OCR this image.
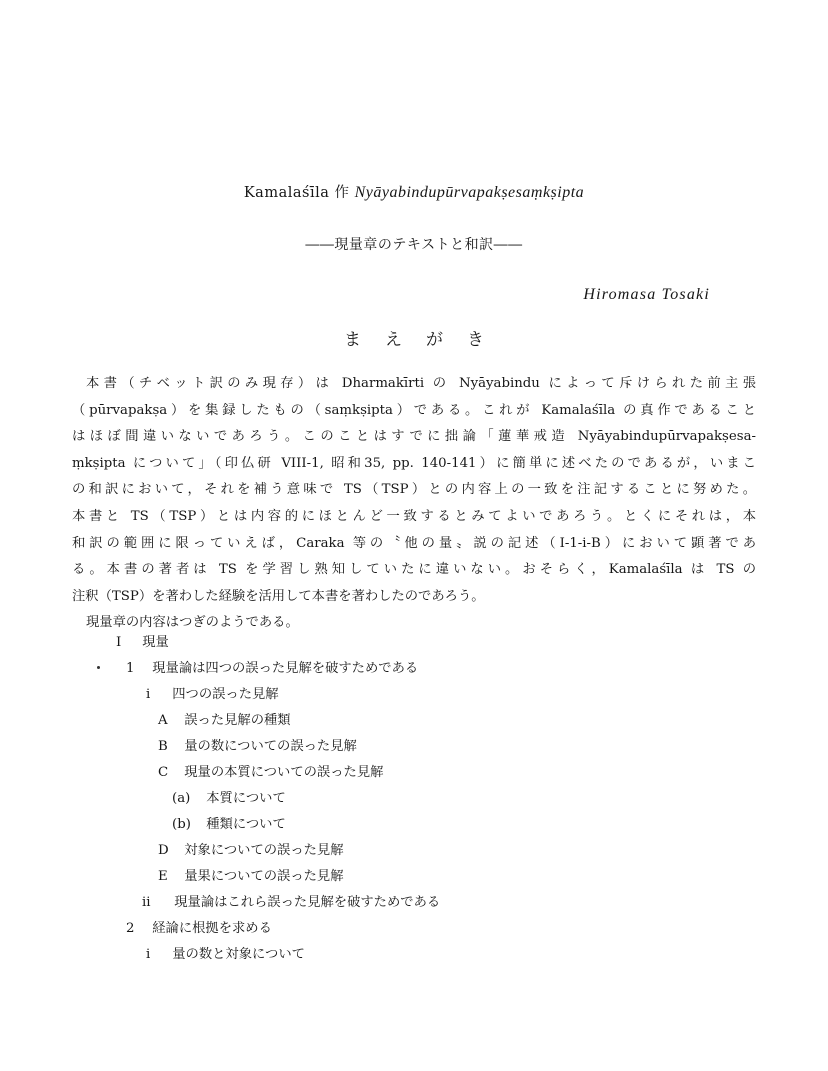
Kamalaśīla 作 Nyāyabindupūrvapakṣesaṃkṣipta
――現量章のテキストと和訳――
Hiromasa Tosaki
まえがき
本書（チベット訳のみ現存）は Dharmakīrti の Nyāyabindu によって斥けられた前主張
（pūrvapakṣa）を集録したもの（saṃkṣipta）である。これが Kamalaśīla の真作であること
はほぼ間違いないであろう。このことはすでに拙論「蓮華戒造 Nyāyabindupūrvapakṣesa-
ṃkṣipta について」（印仏研 VIII-1, 昭和35, pp. 140-141）に簡単に述べたのであるが，いまこ
の和訳において，それを補う意味で TS（TSP）との内容上の一致を注記することに努めた。
本書と TS（TSP）とは内容的にほとんど一致するとみてよいであろう。とくにそれは，本
和訳の範囲に限っていえば，Caraka 等の〝他の量〟説の記述（I-1-i-B）において顕著であ
る。本書の著者は TS を学習し熟知していたに違いない。おそらく，Kamalaśīla は TS の
注釈（TSP）を著わした経験を活用して本書を著わしたのであろう。
現量章の内容はつぎのようである。
I 現量
1 現量論は四つの誤った見解を破すためである
i 四つの誤った見解
A 誤った見解の種類
B 量の数についての誤った見解
C 現量の本質についての誤った見解
(a) 本質について
(b) 種類について
D 対象についての誤った見解
E 量果についての誤った見解
ii 現量論はこれら誤った見解を破すためである
2 経論に根拠を求める
i 量の数と対象について
